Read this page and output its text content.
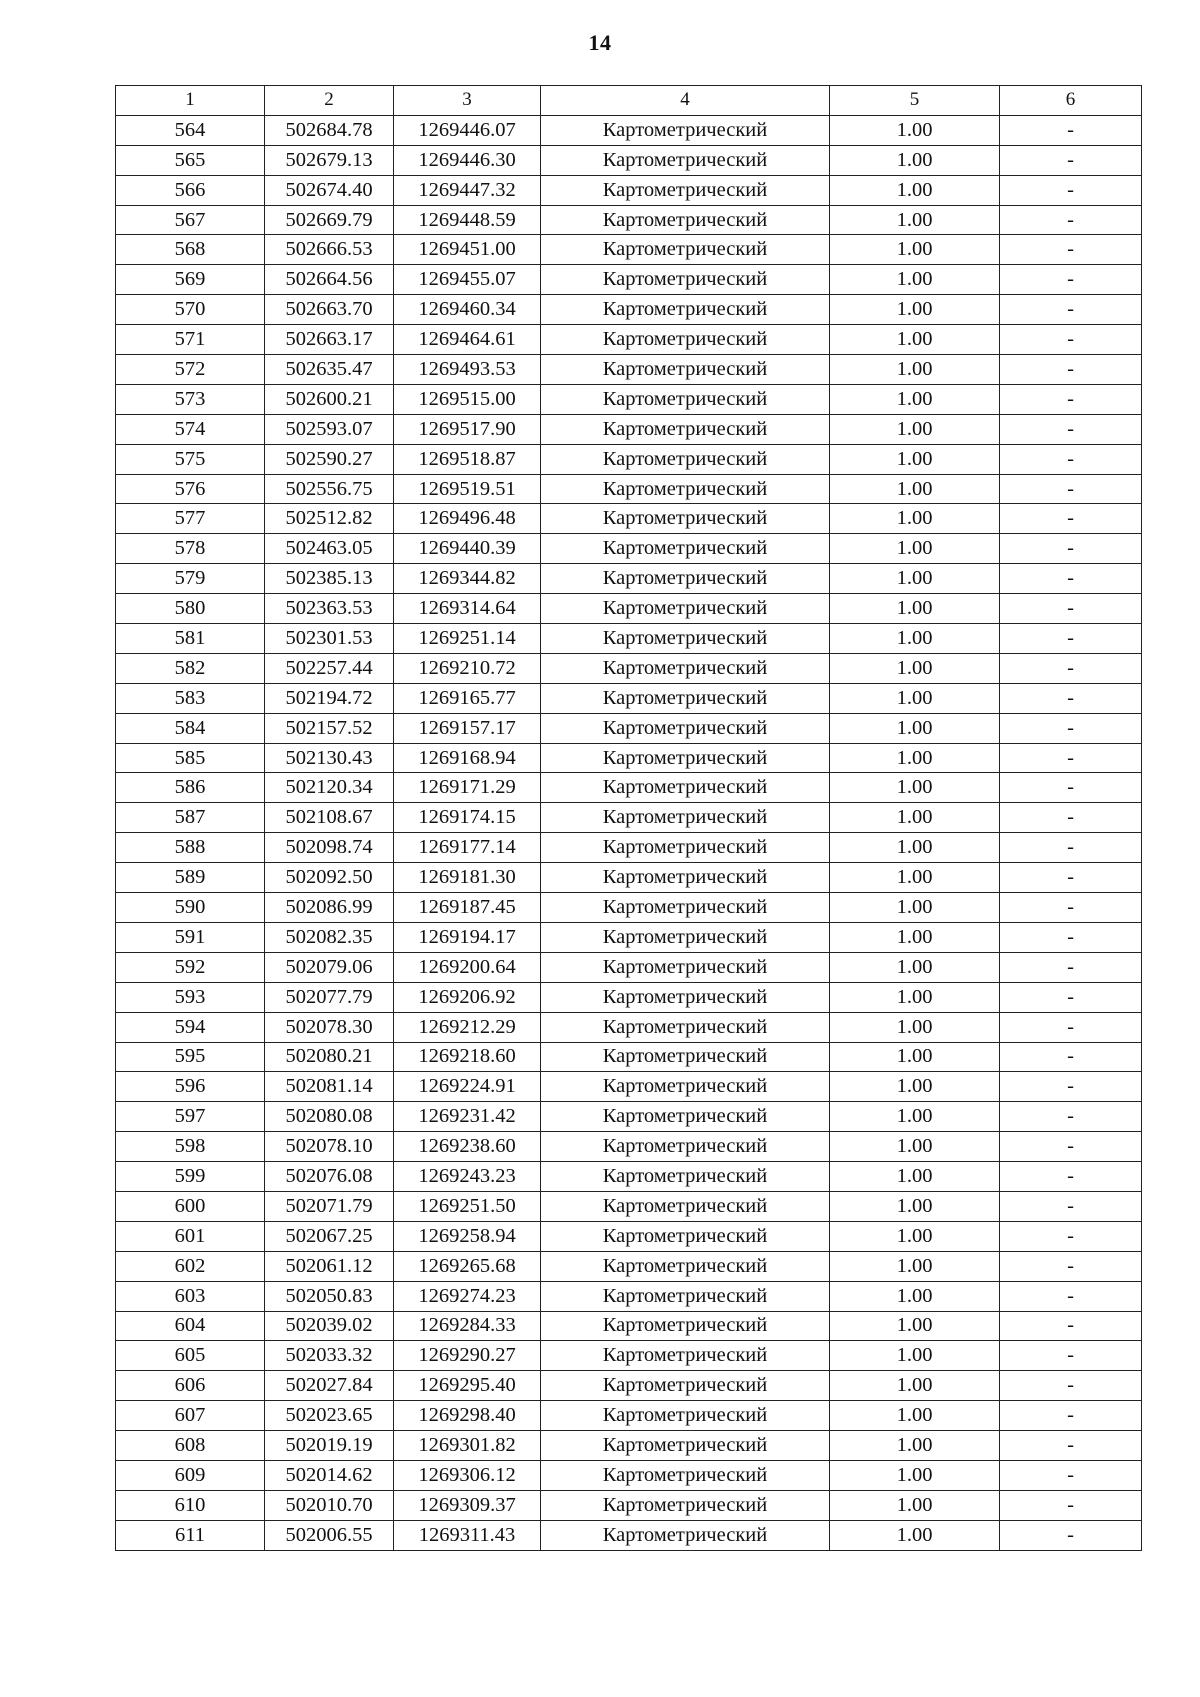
14
1	2	3	4	5	6
564	502684.78	1269446.07	Картометрический	1.00	-
565	502679.13	1269446.30	Картометрический	1.00	-
566	502674.40	1269447.32	Картометрический	1.00	-
567	502669.79	1269448.59	Картометрический	1.00	-
568	502666.53	1269451.00	Картометрический	1.00	-
569	502664.56	1269455.07	Картометрический	1.00	-
570	502663.70	1269460.34	Картометрический	1.00	-
571	502663.17	1269464.61	Картометрический	1.00	-
572	502635.47	1269493.53	Картометрический	1.00	-
573	502600.21	1269515.00	Картометрический	1.00	-
574	502593.07	1269517.90	Картометрический	1.00	-
575	502590.27	1269518.87	Картометрический	1.00	-
576	502556.75	1269519.51	Картометрический	1.00	-
577	502512.82	1269496.48	Картометрический	1.00	-
578	502463.05	1269440.39	Картометрический	1.00	-
579	502385.13	1269344.82	Картометрический	1.00	-
580	502363.53	1269314.64	Картометрический	1.00	-
581	502301.53	1269251.14	Картометрический	1.00	-
582	502257.44	1269210.72	Картометрический	1.00	-
583	502194.72	1269165.77	Картометрический	1.00	-
584	502157.52	1269157.17	Картометрический	1.00	-
585	502130.43	1269168.94	Картометрический	1.00	-
586	502120.34	1269171.29	Картометрический	1.00	-
587	502108.67	1269174.15	Картометрический	1.00	-
588	502098.74	1269177.14	Картометрический	1.00	-
589	502092.50	1269181.30	Картометрический	1.00	-
590	502086.99	1269187.45	Картометрический	1.00	-
591	502082.35	1269194.17	Картометрический	1.00	-
592	502079.06	1269200.64	Картометрический	1.00	-
593	502077.79	1269206.92	Картометрический	1.00	-
594	502078.30	1269212.29	Картометрический	1.00	-
595	502080.21	1269218.60	Картометрический	1.00	-
596	502081.14	1269224.91	Картометрический	1.00	-
597	502080.08	1269231.42	Картометрический	1.00	-
598	502078.10	1269238.60	Картометрический	1.00	-
599	502076.08	1269243.23	Картометрический	1.00	-
600	502071.79	1269251.50	Картометрический	1.00	-
601	502067.25	1269258.94	Картометрический	1.00	-
602	502061.12	1269265.68	Картометрический	1.00	-
603	502050.83	1269274.23	Картометрический	1.00	-
604	502039.02	1269284.33	Картометрический	1.00	-
605	502033.32	1269290.27	Картометрический	1.00	-
606	502027.84	1269295.40	Картометрический	1.00	-
607	502023.65	1269298.40	Картометрический	1.00	-
608	502019.19	1269301.82	Картометрический	1.00	-
609	502014.62	1269306.12	Картометрический	1.00	-
610	502010.70	1269309.37	Картометрический	1.00	-
611	502006.55	1269311.43	Картометрический	1.00	-
